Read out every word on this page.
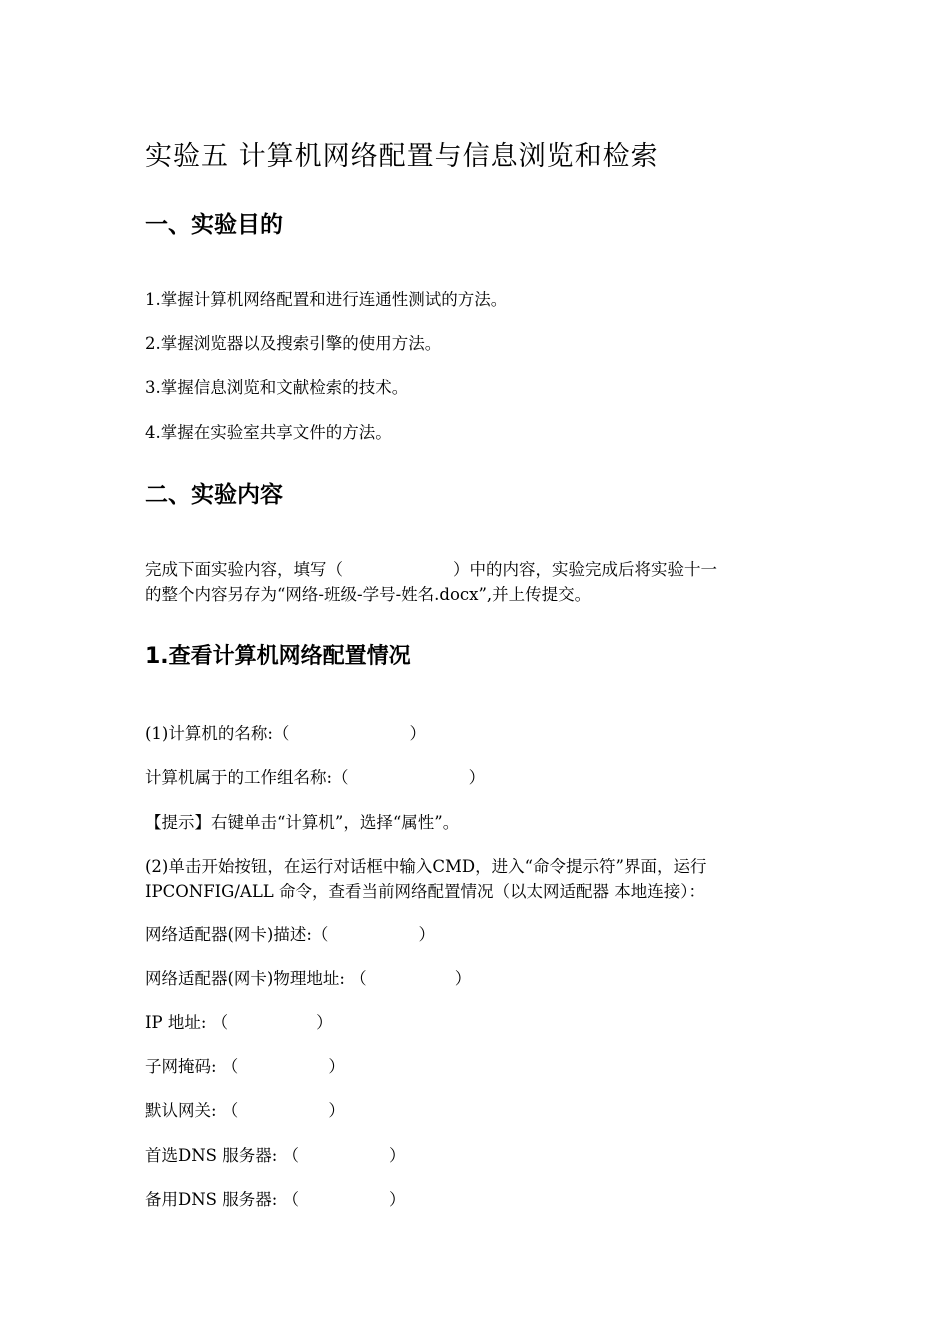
实验五 计算机网络配置与信息浏览和检索
一、实验目的
1.掌握计算机网络配置和进行连通性测试的方法。
2.掌握浏览器以及搜索引擎的使用方法。
3.掌握信息浏览和文献检索的技术。
4.掌握在实验室共享文件的方法。
二、实验内容
完成下面实验内容，填写（	）中的内容，实验完成后将实验十一
的整个内容另存为“网络-班级-学号-姓名.docx”,并上传提交。
1.查看计算机网络配置情况
(1)计算机的名称:（	）
计算机属于的工作组名称:（	）
【提示】右键单击“计算机”，选择“属性”。
(2)单击开始按钮，在运行对话框中输入CMD，进入“命令提示符”界面，运行
IPCONFIG/ALL 命令，查看当前网络配置情况（以太网适配器 本地连接）：
网络适配器(网卡)描述:（	）
网络适配器(网卡)物理地址: （	）
IP 地址: （	）
子网掩码: （	）
默认网关: （	）
首选DNS 服务器: （	）
备用DNS 服务器: （	）
